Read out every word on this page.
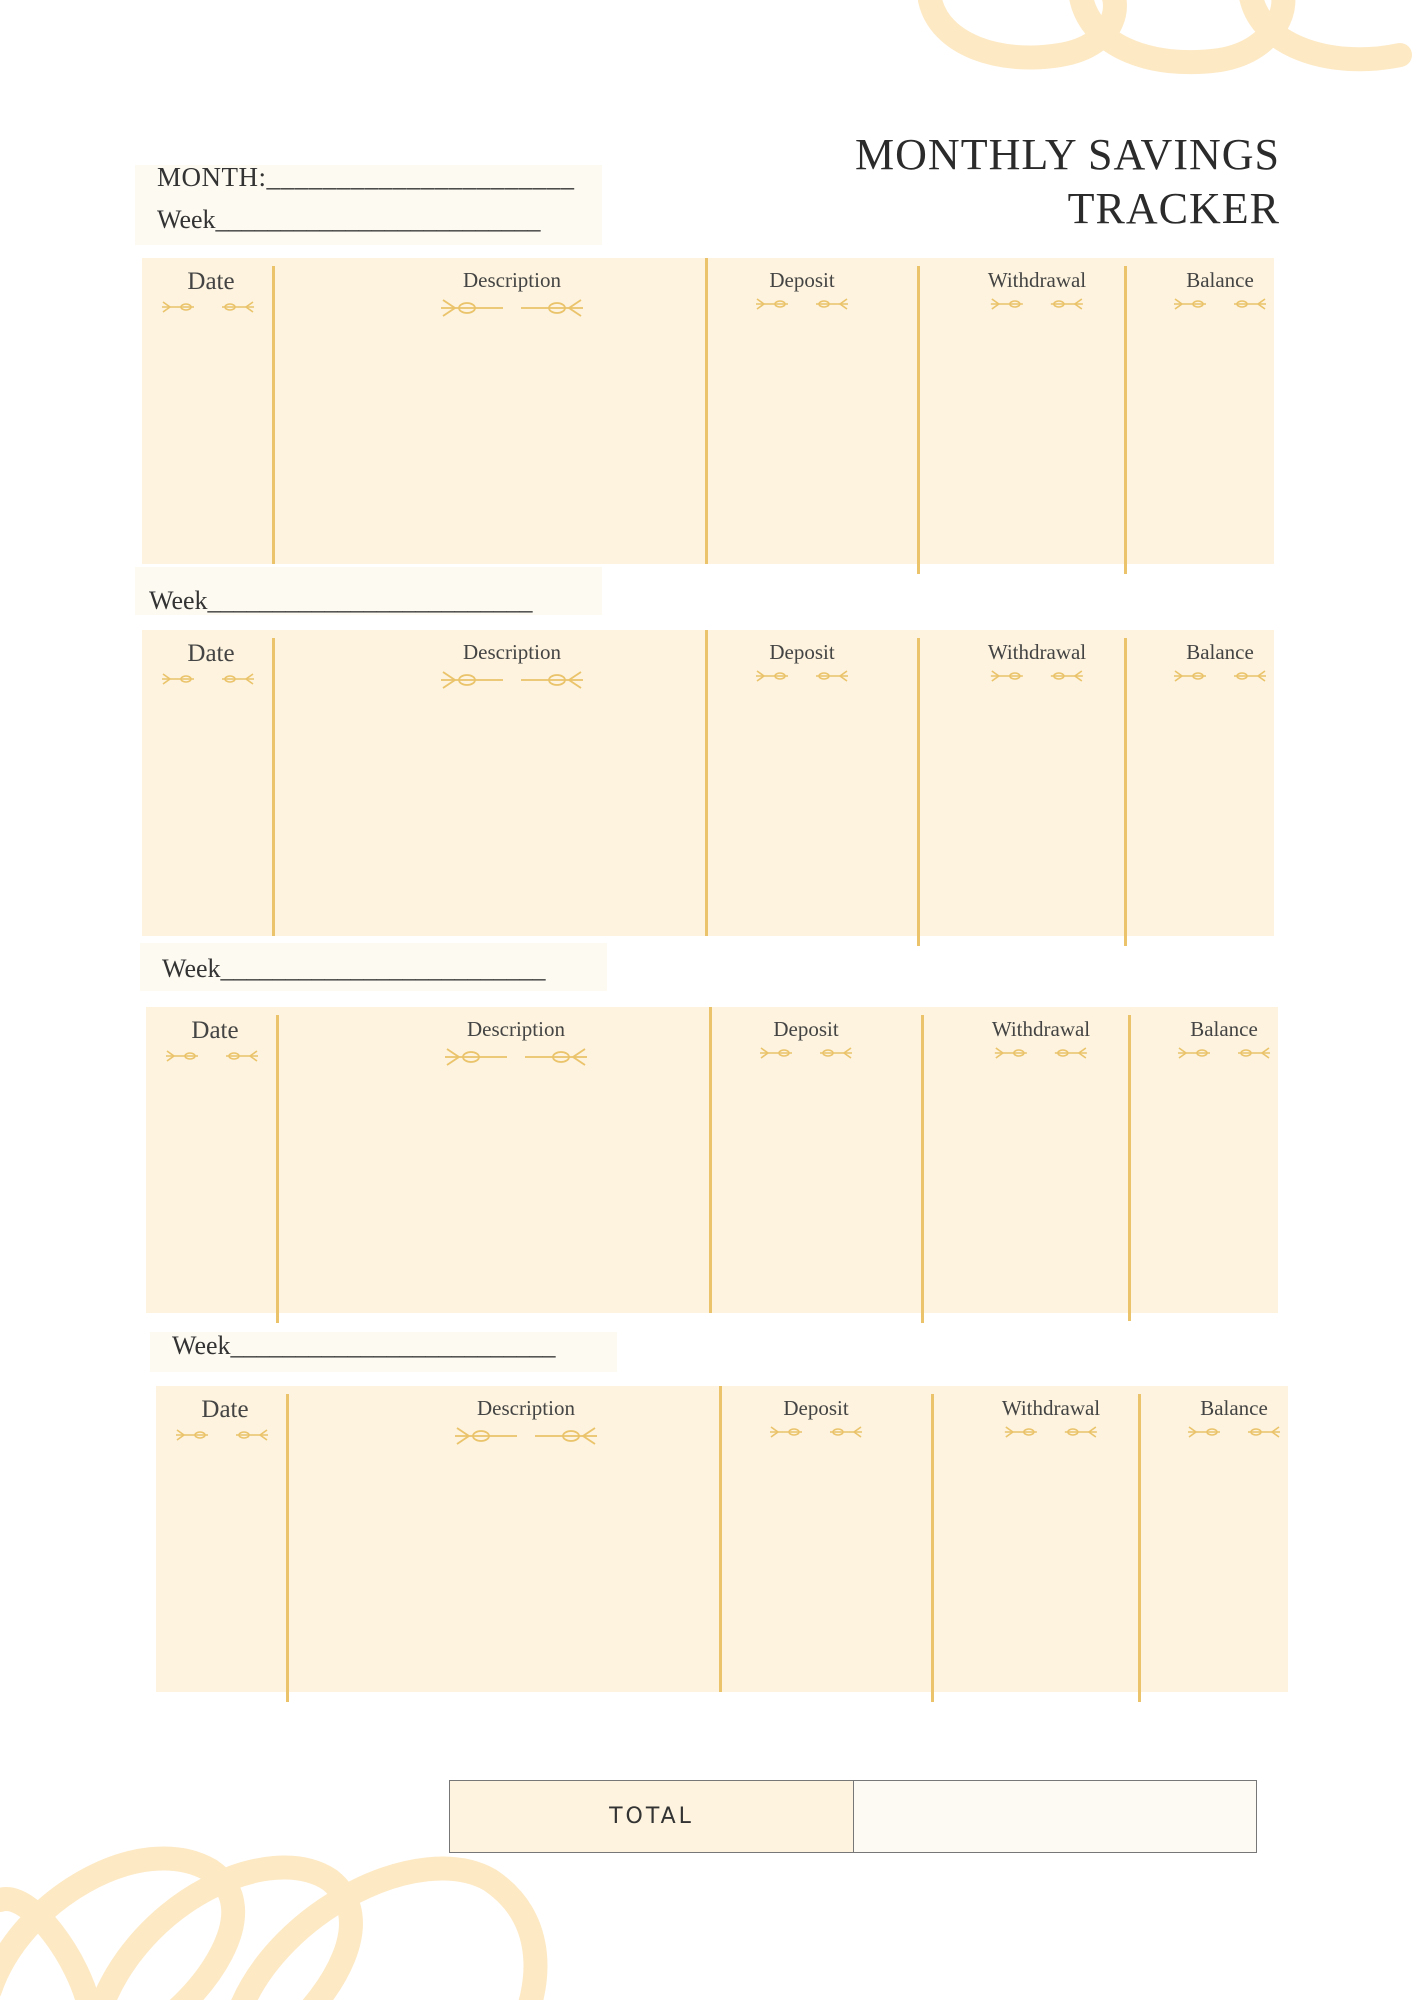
MONTHLY SAVINGS
TRACKER
MONTH:______________________
Week_________________________
Week_________________________
Week_________________________
Week_________________________
Date	Description	Deposit	Withdrawal	Balance
Date	Description	Deposit	Withdrawal	Balance
Date	Description	Deposit	Withdrawal	Balance
Date	Description	Deposit	Withdrawal	Balance
TOTAL
